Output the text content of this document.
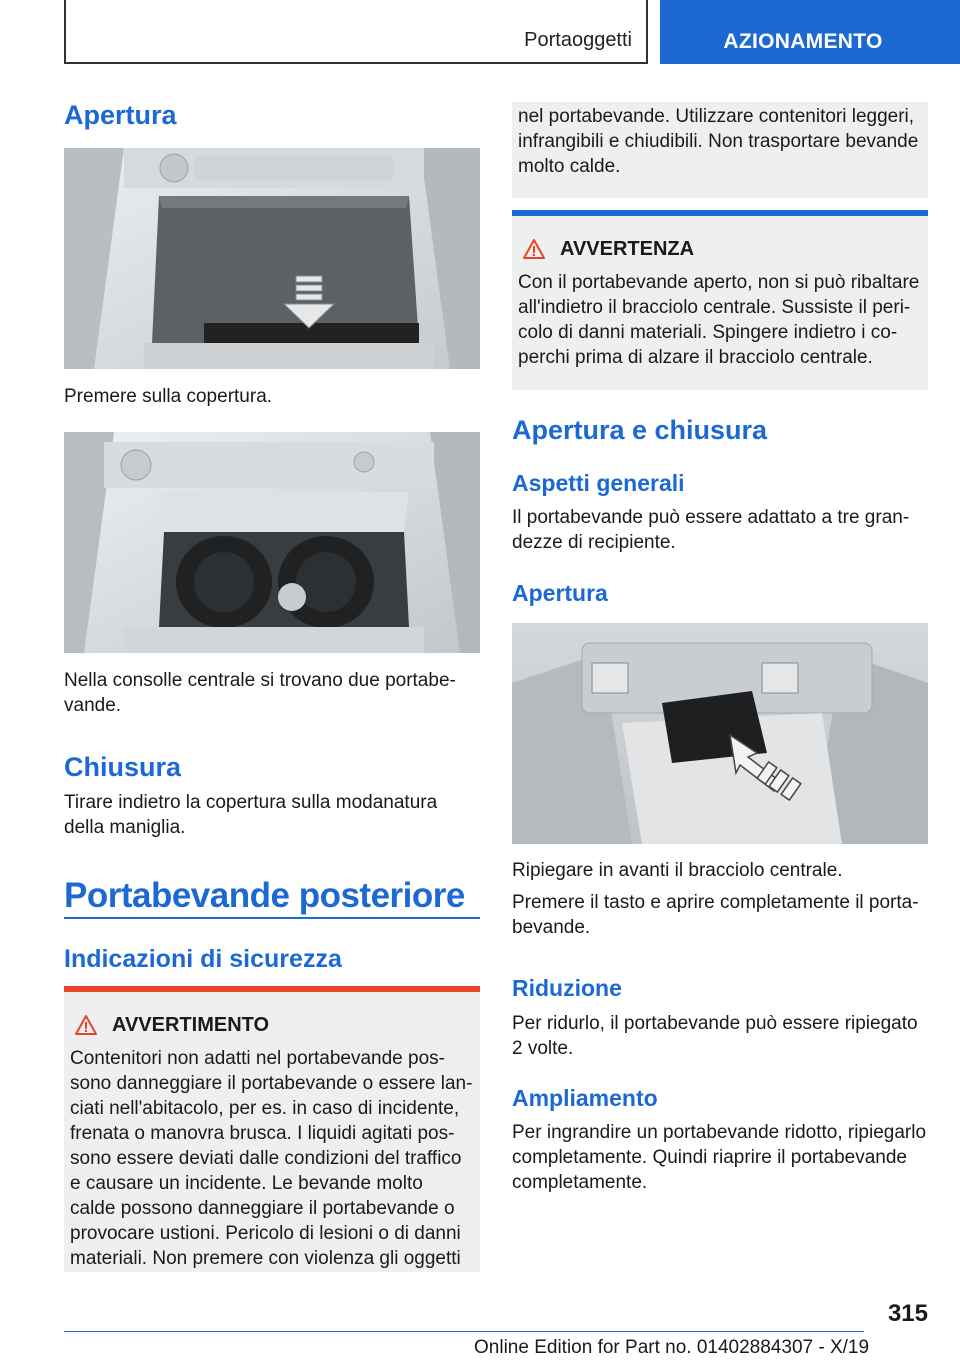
Portaoggetti	AZIONAMENTO
Apertura

Premere sulla copertura.

Nella consolle centrale si trovano due portabe-

vande.

Chiusura

Tirare indietro la copertura sulla modanatura

della maniglia.

Portabevande posteriore
Indicazioni di sicurezza
AVVERTIMENTO

Contenitori non adatti nel portabevande pos-

sono danneggiare il portabevande o essere lan-

ciati nell'abitacolo, per es. in caso di incidente,

frenata o manovra brusca. I liquidi agitati pos-

sono essere deviati dalle condizioni del traffico

e causare un incidente. Le bevande molto

calde possono danneggiare il portabevande o

provocare ustioni. Pericolo di lesioni o di danni

materiali. Non premere con violenza gli oggetti

nel portabevande. Utilizzare contenitori leggeri,

infrangibili e chiudibili. Non trasportare bevande

molto calde.

AVVERTENZA

Con il portabevande aperto, non si può ribaltare

all'indietro il bracciolo centrale. Sussiste il peri-

colo di danni materiali. Spingere indietro i co-

perchi prima di alzare il bracciolo centrale.

Apertura e chiusura
Aspetti generali

Il portabevande può essere adattato a tre gran-

dezze di recipiente.

Apertura

Ripiegare in avanti il bracciolo centrale.

Premere il tasto e aprire completamente il porta-

bevande.

Riduzione

Per ridurlo, il portabevande può essere ripiegato

2 volte.

Ampliamento

Per ingrandire un portabevande ridotto, ripiegarlo

completamente. Quindi riaprire il portabevande

completamente.

315
Online Edition for Part no. 01402884307 - X/19
